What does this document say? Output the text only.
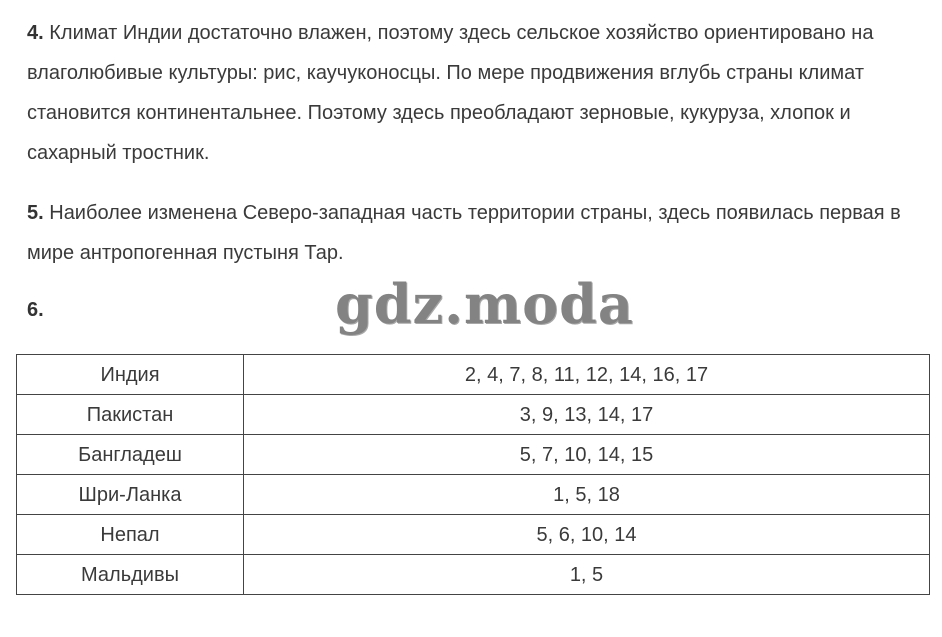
4. Климат Индии достаточно влажен, поэтому здесь сельское хозяйство ориентировано на влаголюбивые культуры: рис, каучуконосцы. По мере продвижения вглубь страны климат становится континентальнее. Поэтому здесь преобладают зерновые, кукуруза, хлопок и сахарный тростник.

5. Наиболее изменена Северо-западная часть территории страны, здесь появилась первая в мире антропогенная пустыня Тар.

6.	gdz.moda
Индия	2, 4, 7, 8, 11, 12, 14, 16, 17
Пакистан	3, 9, 13, 14, 17
Бангладеш	5, 7, 10, 14, 15
Шри-Ланка	1, 5, 18
Непал	5, 6, 10, 14
Мальдивы	1, 5
